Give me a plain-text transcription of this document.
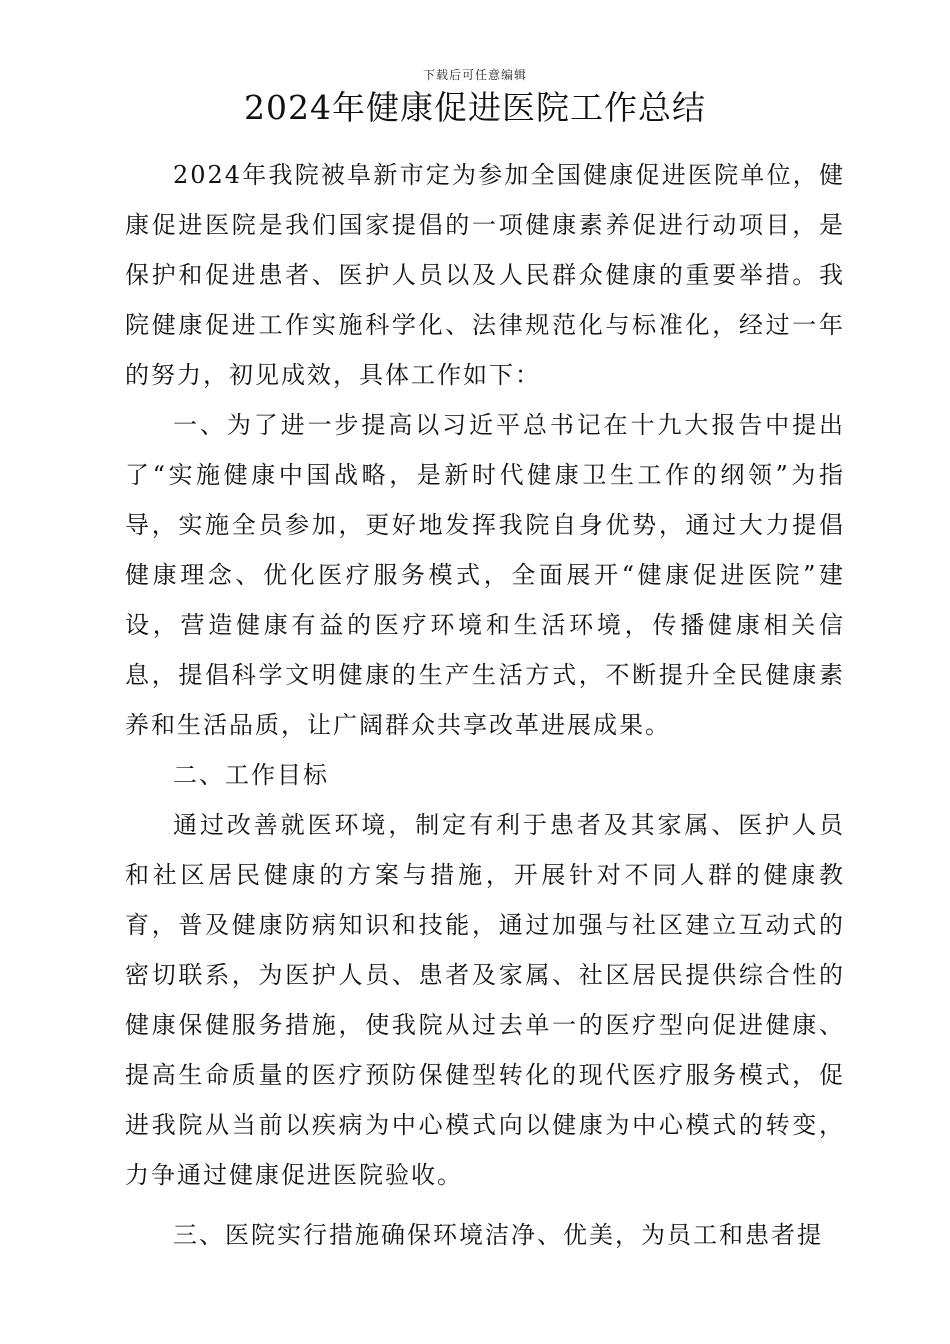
下载后可任意编辑
2024年健康促进医院工作总结

2024年我院被阜新市定为参加全国健康促进医院单位，健康促进医院是我们国家提倡的一项健康素养促进行动项目，是保护和促进患者、医护人员以及人民群众健康的重要举措。我院健康促进工作实施科学化、法律规范化与标准化，经过一年的努力，初见成效，具体工作如下：

一、为了进一步提高以习近平总书记在十九大报告中提出了“实施健康中国战略，是新时代健康卫生工作的纲领”为指导，实施全员参加，更好地发挥我院自身优势，通过大力提倡健康理念、优化医疗服务模式，全面展开“健康促进医院”建设，营造健康有益的医疗环境和生活环境，传播健康相关信息，提倡科学文明健康的生产生活方式，不断提升全民健康素养和生活品质，让广阔群众共享改革进展成果。

二、工作目标

通过改善就医环境，制定有利于患者及其家属、医护人员和社区居民健康的方案与措施，开展针对不同人群的健康教育，普及健康防病知识和技能，通过加强与社区建立互动式的密切联系，为医护人员、患者及家属、社区居民提供综合性的健康保健服务措施，使我院从过去单一的医疗型向促进健康、提高生命质量的医疗预防保健型转化的现代医疗服务模式，促进我院从当前以疾病为中心模式向以健康为中心模式的转变，力争通过健康促进医院验收。

三、医院实行措施确保环境洁净、优美，为员工和患者提
